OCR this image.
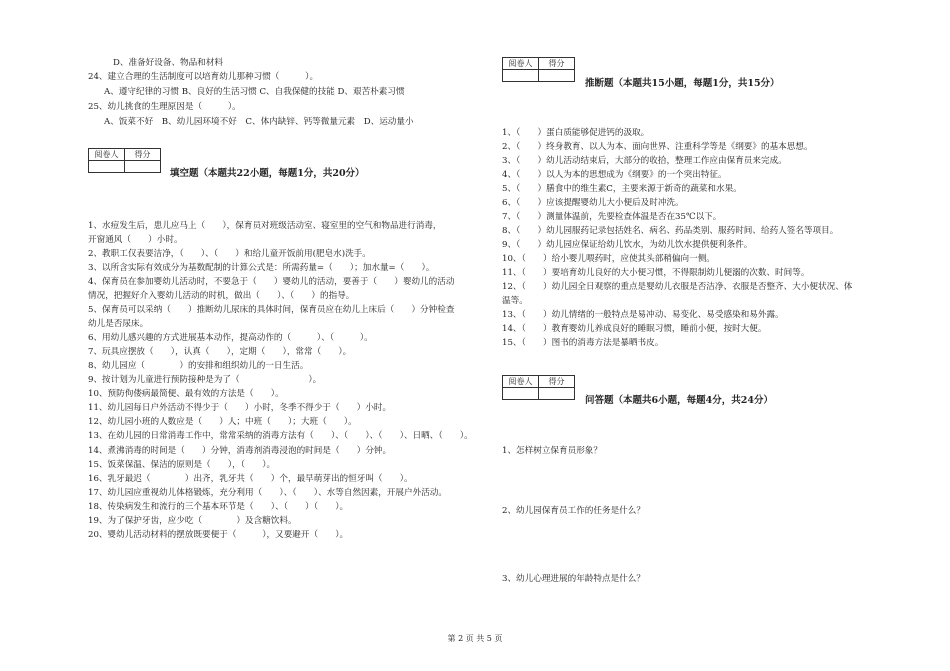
D、准备好设备、物品和材料
24、建立合理的生活制度可以培育幼儿那种习惯（　　　）。
A、遵守纪律的习惯 B、良好的生活习惯 C、自我保健的技能 D、艰苦朴素习惯
25、幼儿挑食的生理原因是（　　　）。
A、饭菜不好　B、幼儿园环境不好　C、体内缺锌、钙等微量元素　D、运动量小
阅卷人	得分

填空题（本题共22小题，每题1分，共20分）
1、水痘发生后，患儿应马上（　　），保育员对班级活动室、寝室里的空气和物品进行消毒，
开窗通风（　　）小时。
2、教职工仅表要洁净，（　　）、（　　）和给儿童开饭前用(肥皂水)洗手。
3、以所含实际有效成分为基数配制的计算公式是：所需药量=（　　）；加水量=（　　）。
4、保育员在参加婴幼儿活动时，不要急于（　　）婴幼儿的活动，要善于（　　）婴幼儿的活动
情况，把握好介入婴幼儿活动的时机，做出（　　）、（　　）的指导。
5、保育员可以采纳（　　）推断幼儿尿床的具体时间，保育员应在幼儿上床后（　　）分钟检查
幼儿是否尿床。
6、用幼儿感兴趣的方式进展基本动作，提高动作的（　　　）、（　　　）。
7、玩具应摆放（　　），认真（　　），定期（　　），常常（　　）。
8、幼儿园应（　　　　）的安排和组织幼儿的一日生活。
9、按计划为儿童进行预防接种是为了（　　　　　　　　）。
10、预防佝偻病最简便、最有效的方法是（　　）。
11、幼儿园每日户外活动不得少于（　　）小时，冬季不得少于（　　）小时。
12、幼儿园小班的人数应是（　　）人；中班（　　）；大班（　　）。
13、在幼儿园的日常消毒工作中，常常采纳的消毒方法有（　　）、（　　）、（　　）、日晒、（　　）。
14、煮沸消毒的时间是（　　）分钟，消毒剂消毒浸泡的时间是（　　）分钟。
15、饭菜保温、保洁的原则是（　　），（　　）。
16、乳牙最迟（　　　　）出齐，乳牙共（　　）个，最早萌芽出的恒牙叫（　　）。
17、幼儿园应重视幼儿体格锻炼，充分利用（　　）、（　　）、水等自然因素，开展户外活动。
18、传染病发生和流行的三个基本环节是（　　）、（　　）（　　）。
19、为了保护牙齿，应少吃（　　　　）及含糖饮料。
20、婴幼儿活动材料的摆放既要便于（　　　），又要避开（　　）。
阅卷人	得分

推断题（本题共15小题，每题1分，共15分）
1、（　　）蛋白质能够促进钙的汲取。
2、（　　）终身教育、以人为本、面向世界、注重科学等是《纲要》的基本思想。
3、（　　）幼儿活动结束后，大部分的收拾，整理工作应由保育员来完成。
4、（　　）以人为本的思想成为《纲要》的一个突出特征。
5、（　　）膳食中的维生素C，主要来源于新奇的蔬菜和水果。
6、（　　）应该提醒婴幼儿大小便后及时冲洗。
7、（　　）测量体温前，先要检查体温是否在35℃以下。
8、（　　）幼儿园服药记录包括姓名、病名、药品类别、服药时间、给药人签名等项目。
9、（　　）幼儿园应保证给幼儿饮水，为幼儿饮水提供便利条件。
10、（　　）给小婴儿喂药时，应使其头部稍偏向一侧。
11、（　　）要培育幼儿良好的大小便习惯，不得限制幼儿便溺的次数、时间等。
12、（　　）幼儿园全日观察的重点是婴幼儿衣服是否洁净、衣服是否整齐、大小便状况、体
温等。
13、（　　）幼儿情绪的一般特点是易冲动、易变化、易受感染和易外露。
14、（　　）教育婴幼儿养成良好的睡眠习惯，睡前小便，按时大便。
15、（　　）图书的消毒方法是暴晒书皮。
阅卷人	得分

问答题（本题共6小题，每题4分，共24分）
1、怎样树立保育员形象？
2、幼儿园保育员工作的任务是什么？
3、幼儿心理进展的年龄特点是什么？
第 2 页 共 5 页
